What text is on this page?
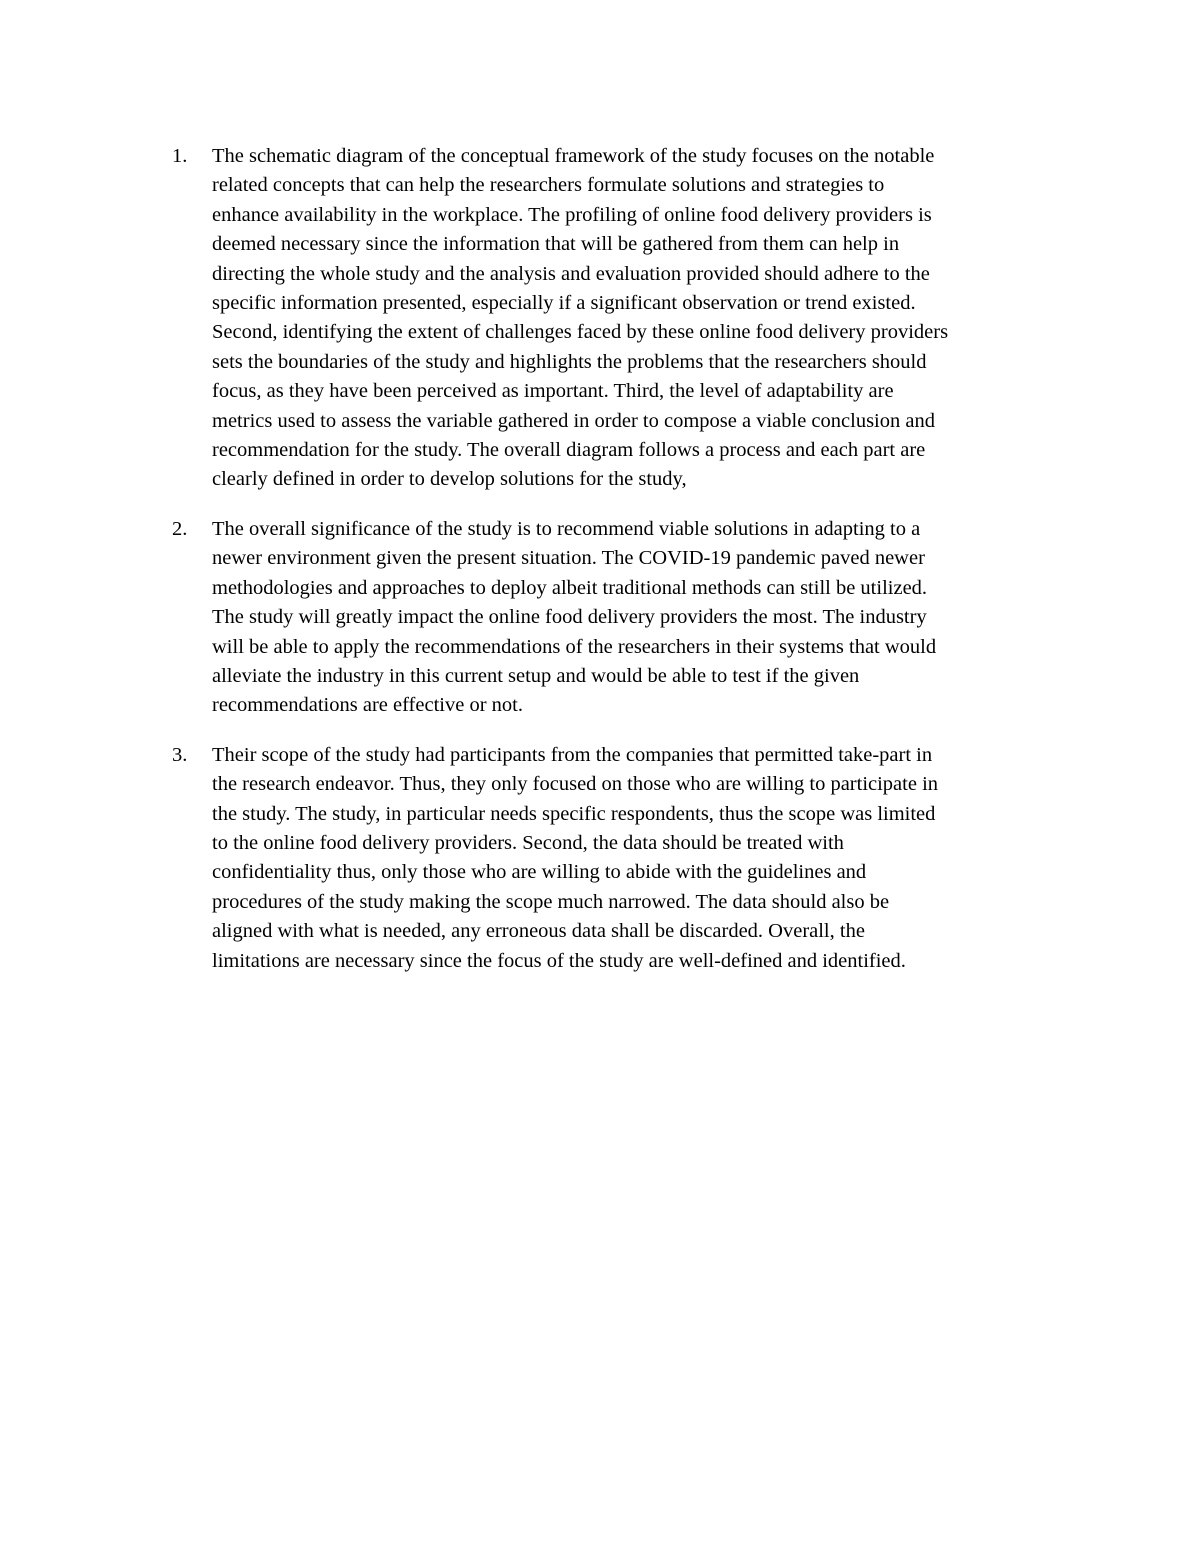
1.	The schematic diagram of the conceptual framework of the study focuses on the notable
related concepts that can help the researchers formulate solutions and strategies to
enhance availability in the workplace. The profiling of online food delivery providers is
deemed necessary since the information that will be gathered from them can help in
directing the whole study and the analysis and evaluation provided should adhere to the
specific information presented, especially if a significant observation or trend existed.
Second, identifying the extent of challenges faced by these online food delivery providers
sets the boundaries of the study and highlights the problems that the researchers should
focus, as they have been perceived as important. Third, the level of adaptability are
metrics used to assess the variable gathered in order to compose a viable conclusion and
recommendation for the study. The overall diagram follows a process and each part are
clearly defined in order to develop solutions for the study,
2.	The overall significance of the study is to recommend viable solutions in adapting to a
newer environment given the present situation. The COVID-19 pandemic paved newer
methodologies and approaches to deploy albeit traditional methods can still be utilized.
The study will greatly impact the online food delivery providers the most. The industry
will be able to apply the recommendations of the researchers in their systems that would
alleviate the industry in this current setup and would be able to test if the given
recommendations are effective or not.
3.	Their scope of the study had participants from the companies that permitted take-part in
the research endeavor. Thus, they only focused on those who are willing to participate in
the study. The study, in particular needs specific respondents, thus the scope was limited
to the online food delivery providers. Second, the data should be treated with
confidentiality thus, only those who are willing to abide with the guidelines and
procedures of the study making the scope much narrowed. The data should also be
aligned with what is needed, any erroneous data shall be discarded. Overall, the
limitations are necessary since the focus of the study are well-defined and identified.
